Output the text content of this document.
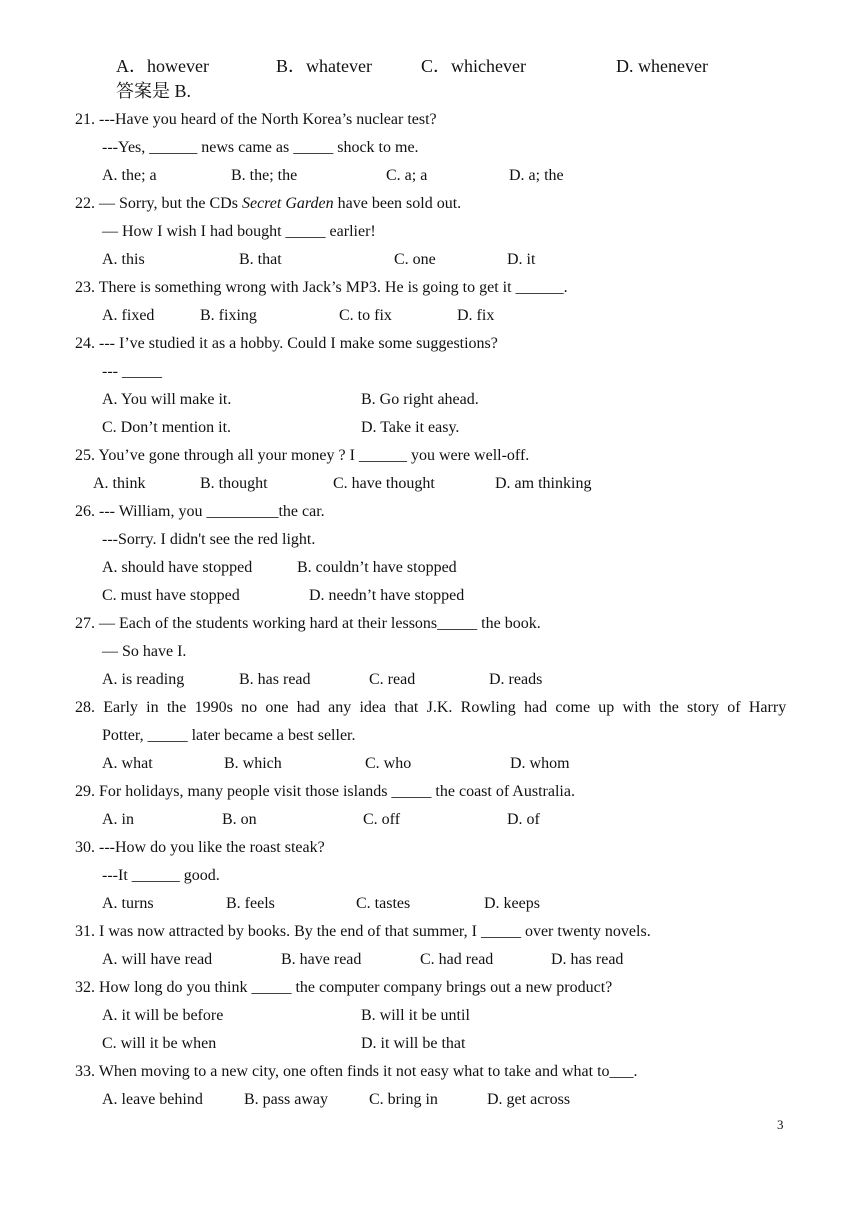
A．however	B．whatever	C．whichever	D. whenever
答案是 B.
21. ---Have you heard of the North Korea’s nuclear test?
---Yes, ______ news came as _____ shock to me.
A. the; a	B. the; the	C. a; a	D. a; the
22. — Sorry, but the CDs Secret Garden have been sold out.
— How I wish I had bought _____ earlier!
A. this	B. that	C. one	D. it
23. There is something wrong with Jack’s MP3. He is going to get it ______.
A. fixed	B. fixing	C. to fix	D. fix
24. --- I’ve studied it as a hobby. Could I make some suggestions?
--- _____
A. You will make it.	B. Go right ahead.
C. Don’t mention it.	D. Take it easy.
25. You’ve gone through all your money ? I ______ you were well-off.
A. think	B. thought	C. have thought	D. am thinking
26. --- William, you _________the car.
---Sorry. I didn't see the red light.
A. should have stopped	B. couldn’t have stopped
C. must have stopped	D. needn’t have stopped
27. — Each of the students working hard at their lessons_____ the book.
— So have I.
A. is reading	B. has read	C. read	D. reads
28. Early in the 1990s no one had any idea that J.K. Rowling had come up with the story of Harry
Potter, _____ later became a best seller.
A. what	B. which	C. who	D. whom
29. For holidays, many people visit those islands _____ the coast of Australia.
A. in	B. on	C. off	D. of
30. ---How do you like the roast steak?
---It ______ good.
A. turns	B. feels	C. tastes	D. keeps
31. I was now attracted by books. By the end of that summer, I _____ over twenty novels.
A. will have read	B. have read	C. had read	D. has read
32. How long do you think _____ the computer company brings out a new product?
A. it will be before	B. will it be until
C. will it be when	D. it will be that
33. When moving to a new city, one often finds it not easy what to take and what to___.
A. leave behind	B. pass away	C. bring in	D. get across
3
